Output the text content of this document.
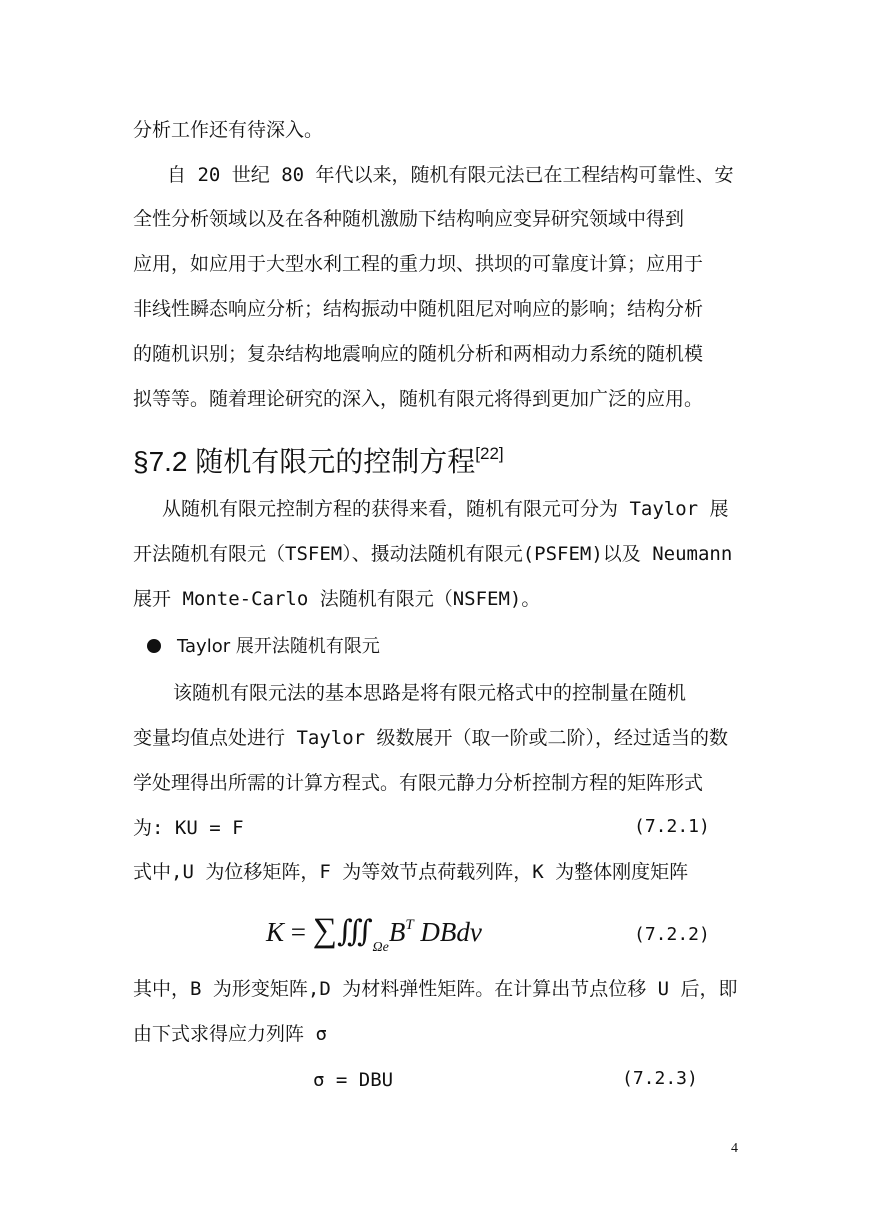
分析工作还有待深入。
自 20 世纪 80 年代以来，随机有限元法已在工程结构可靠性、安
全性分析领域以及在各种随机激励下结构响应变异研究领域中得到
应用，如应用于大型水利工程的重力坝、拱坝的可靠度计算；应用于
非线性瞬态响应分析；结构振动中随机阻尼对响应的影响；结构分析
的随机识别；复杂结构地震响应的随机分析和两相动力系统的随机模
拟等等。随着理论研究的深入，随机有限元将得到更加广泛的应用。
§7.2 随机有限元的控制方程[22]
从随机有限元控制方程的获得来看，随机有限元可分为 Taylor 展
开法随机有限元（TSFEM）、摄动法随机有限元(PSFEM)以及 Neumann
展开 Monte-Carlo 法随机有限元（NSFEM)。
Taylor 展开法随机有限元
该随机有限元法的基本思路是将有限元格式中的控制量在随机
变量均值点处进行 Taylor 级数展开（取一阶或二阶），经过适当的数
学处理得出所需的计算方程式。有限元静力分析控制方程的矩阵形式
为: KU = F	(7.2.1)
式中,U 为位移矩阵，F 为等效节点荷载列阵，K 为整体刚度矩阵
$K = \sum∭_{\Omega e}B^T$ DBdv	(7.2.2)
其中，B 为形变矩阵,D 为材料弹性矩阵。在计算出节点位移 U 后，即
由下式求得应力列阵 σ
σ = DBU	(7.2.3)
4
